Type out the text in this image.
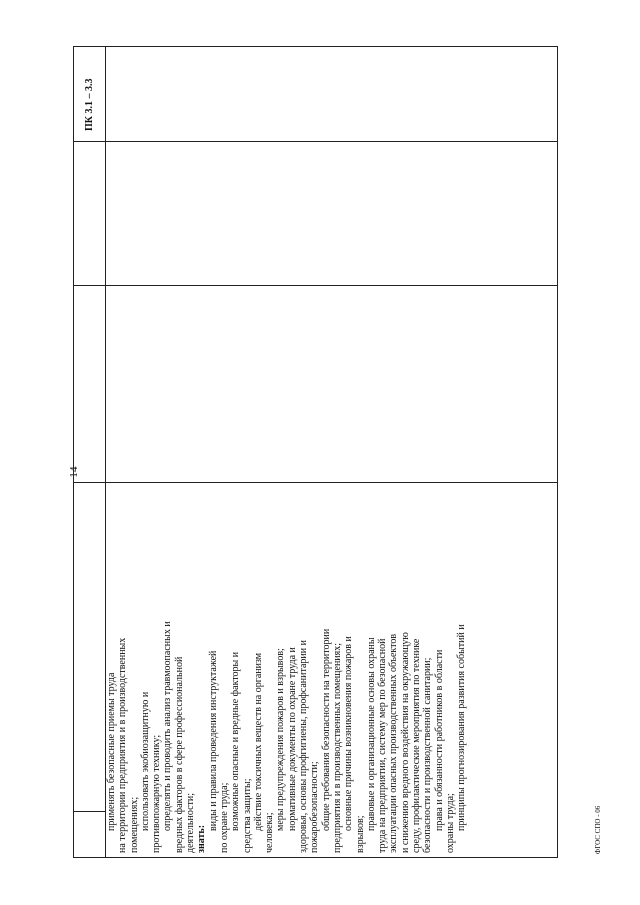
14
ПК 3.1 – 3.3
применять безопасные приемы труда на территории предприятия и в производственных помещениях; использовать экобиозащитную и противопожарную технику; определять и проводить анализ травмоопасных и вредных факторов в сфере профессиональной деятельности; знать:
виды и правила проведения инструктажей по охране труда; возможные опасные и вредные факторы и средства защиты; действие токсичных веществ на организм
человека;
меры предупреждения пожаров и взрывов; нормативные документы по охране труда и здоровья, основы профгигиены, профсанитарии и пожаробезопасности; общие требования безопасности на территории предприятия и в производственных помещениях; основные причины возникновения пожаров и
взрывов;
правовые и организационные основы охраны труда на предприятии, систему мер по безопасной эксплуатации опасных производственных объектов и снижению вредного воздействия на окружающую среду, профилактические мероприятия по технике безопасности и производственной санитарии; права и обязанности работников в области охраны труда; принципы прогнозирования развития событий и	ФГОС СПО - 06
